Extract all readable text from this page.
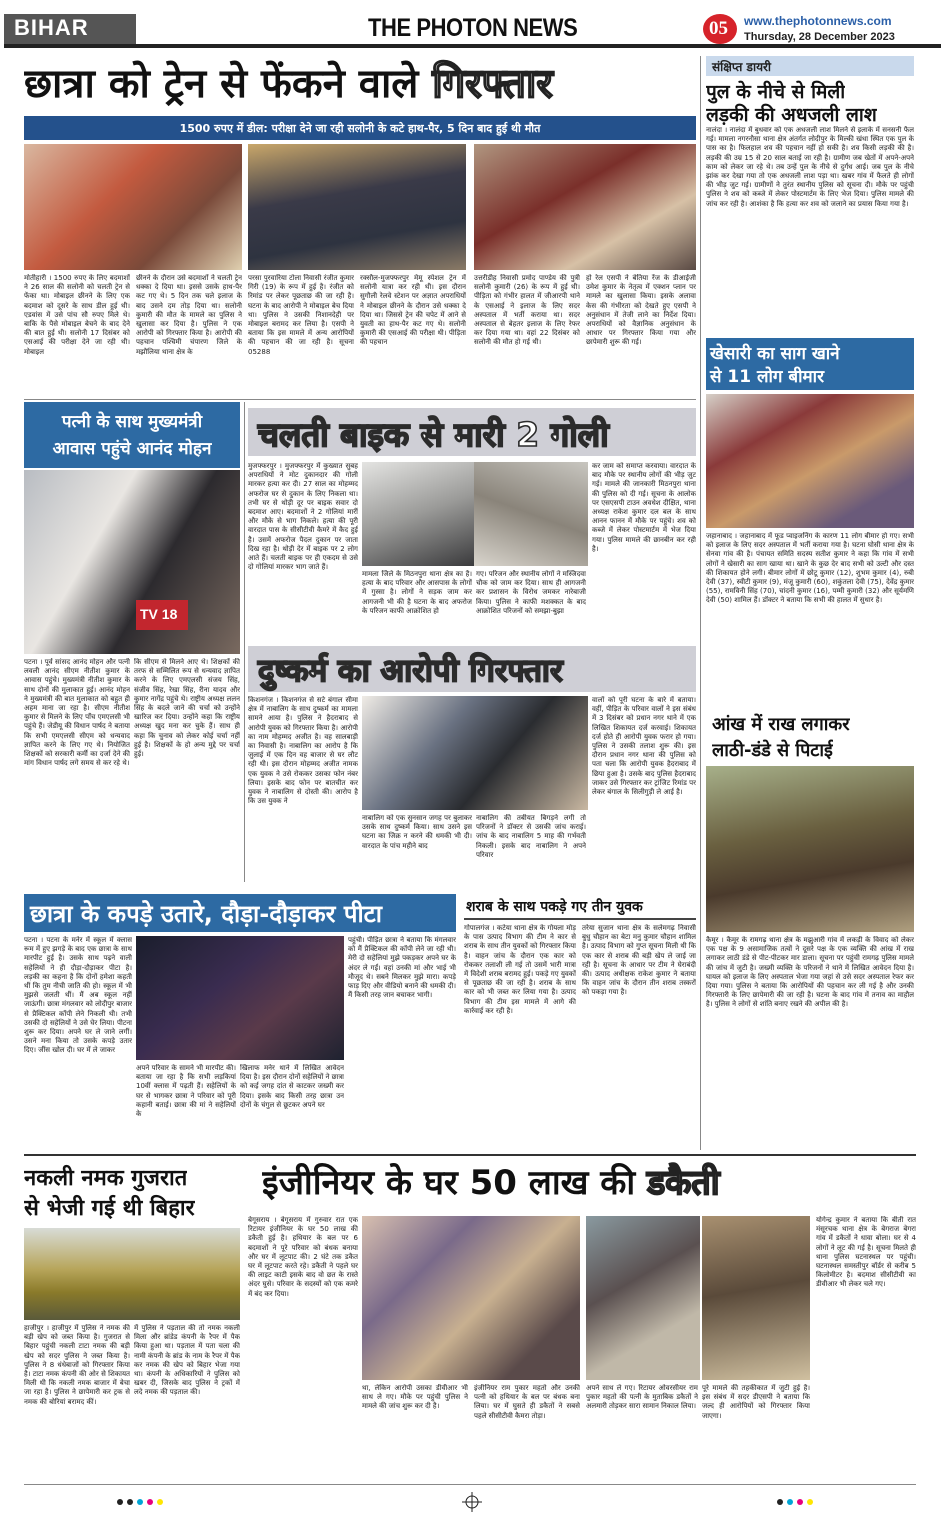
BIHAR	THE PHOTON NEWS	05 www.thephotonnews.com
Thursday, 28 December 2023
छात्रा को ट्रेन से फेंकने वाले गिरफ्तार
1500 रुपए में डील: परीक्षा देने जा रही सलोनी के कटे हाथ-पैर, 5 दिन बाद हुई थी मौत
मोतीहारी । 1500 रुपए के लिए बदमाशों ने 26 साल की सलोनी को चलती ट्रेन से फेंका था। मोबाइल छीनने के लिए एक बदमाश को दूसरे के साथ डील हुई थी। एडवांस में उसे पांच सौ रुपए मिले थे। बाकि के पैसे मोबाइल बेचने के बाद देने की बात हुई थी। सलोनी 17 दिसंबर को एसआई की परीक्षा देने जा रही थी। मोबाइल
छीनने के दौरान उसे बदमाशों ने चलती ट्रेन धक्का दे दिया था। इससे उसके हाथ-पैर कट गए थे। 5 दिन तक चले इलाज के बाद उसने दम तोड़ दिया था। सलोनी कुमारी की मौत के मामले का पुलिस ने खुलासा कर दिया है। पुलिस ने एक आरोपी को गिरफ्तार किया है। आरोपी की पहचान पश्चिमी चंपारण जिले के मझौलिया थाना क्षेत्र के
परसा पुरवारिया टोला निवासी रंजीत कुमार गिरी (19) के रूप में हुई है। रंजीत को रिमांड पर लेकर पूछताछ की जा रही है। घटना के बाद आरोपी ने मोबाइल बेच दिया था। पुलिस ने उसकी निशानदेही पर मोबाइल बरामद कर लिया है। एसपी ने बताया कि इस मामले में अन्य आरोपियों की पहचान की जा रही है। सूचना 05288
रक्सौल-मुजफ्फरपुर मेमू स्पेशल ट्रेन में सलोनी यात्रा कर रही थी। इस दौरान सुगौली रेलवे स्टेशन पर अज्ञात अपराधियों ने मोबाइल छीनने के दौरान उसे धक्का दे दिया था। जिससे ट्रेन की चपेट में आने से युवती का हाथ-पैर कट गए थे। सलोनी कुमारी की एसआई की परीक्षा थी। पीड़िता की पहचान
उत्तरीडीह निवासी प्रमोद पाण्डेय की पुत्री सलोनी कुमारी (26) के रूप में हुई थी। पीड़िता को गंभीर हालत में जीआरपी थाने के एसआई ने इलाज के लिए सदर अस्पताल में भर्ती कराया था। सदर अस्पताल से बेहतर इलाज के लिए रेफर कर दिया गया था। वहां 22 दिसंबर को सलोनी की मौत हो गई थी।
हो रेल एसपी ने बेतिया रेंज के डीआईजी उमेश कुमार के नेतृत्व में एक्शन प्लान पर मामले का खुलासा किया। इसके अलावा केस की गंभीरता को देखते हुए एसपी ने अनुसंधान में तेजी लाने का निर्देश दिया। अपराधियों को वैज्ञानिक अनुसंधान के आधार पर गिरफ्तार किया गया और छापेमारी शुरू की गई।
पत्नी के साथ मुख्यमंत्री
आवास पहुंचे आनंद मोहन
TV 18
पटना । पूर्व सांसद आनंद मोहन और पत्नी लवली आनंद सीएम नीतीश कुमार के आवास पहुंचे। मुख्यमंत्री नीतीश कुमार के साथ दोनों की मुलाकात हुई। आनंद मोहन ने मुख्यमंत्री की बात मुलाकात को बहुत ही अहम माना जा रहा है। सीएम नीतीश कुमार से मिलने के लिए पाँच एमएलसी भी पहुंचे हैं। जेडीयू की विधान पार्षद ने बताया कि सभी एमएलसी सीएम को धन्यवाद ज्ञापित करने के लिए गए थे। नियोजित शिक्षकों को सरकारी कर्मी का दर्जा देने की मांग विधान पार्षद लगे समय से कर रहे थे।
कि सीएम से मिलने आए थे। शिक्षकों की तरफ से सम्मिलित रूप से धन्यवाद ज्ञापित करने के लिए एमएलसी संजय सिंह, संजीव सिंह, रेखा सिंह, रीना यादव और कुमार नागेंद्र पहुंचे थे। राष्ट्रीय अध्यक्ष ललन सिंह के बदले जाने की चर्चा को उन्होंने खारिज कर दिया। उन्होंने कहा कि राष्ट्रीय अध्यक्ष खुद मना कर चुके हैं। साथ ही कहा कि चुनाव को लेकर कोई चर्चा नहीं हुई है। शिक्षकों के हो अन्य मुद्दे पर चर्चा हुई।
चलती बाइक से मारी 2 गोली
मुजफ्फरपुर । मुजफ्फरपुर में कुख्यात सुबह अपराधियों ने मोट दुकानदार की गोली मारकर हत्या कर दी। 27 साल का मोहम्मद अफरोज घर से दुकान के लिए निकला था। तभी घर से थोड़ी दूर पर बाइक सवार दो बदमाश आए। बदमाशों ने 2 गोलियां मारीं और मौके से भाग निकले। हत्या की पूरी वारदात पास के सीसीटीवी कैमरे में कैद हुई है। उसमें अफरोज पैदल दुकान पर जाता दिख रहा है। थोड़ी देर में बाइक पर 2 लोग आते हैं। चलती बाइक पर ही एकदम से उसे दो गोलियां मारकर भाग जाते हैं।
मामला जिले के मिठनपुरा थाना क्षेत्र का है। हत्या के बाद परिवार और आसपास के लोगों में गुस्सा है। लोगों ने सड़क जाम कर आगजनी भी की है घटना के बाद अफरोज के परिजन काफी आक्रोशित हो
गए। परिजन और स्थानीय लोगों ने मस्जिदवा चौक को जाम कर दिया। साथ ही आगजनी कर प्रशासन के विरोध जमकर नारेबाजी किया। पुलिस ने काफी मशक्कत के बाद आक्रोशित परिजनों को समझा-बुझा
कर जाम को समाप्त करवाया। वारदात के बाद मौके पर स्थानीय लोगों की भीड़ जुट गई। मामले की जानकारी मिठनपुरा थाना की पुलिस को दी गई। सूचना के आलोक पर एसएसपी टाउन अवधेश दीक्षित, थाना अध्यक्ष राकेश कुमार दल बल के साथ आनन फानन में मौके पर पहुंचे। शव को कब्जे में लेकर पोस्टमार्टम में भेज दिया गया। पुलिस मामले की छानबीन कर रही है।
दुष्कर्म का आरोपी गिरफ्तार
किशनगंज । किशनगंज से सटे बंगाल सीमा क्षेत्र में नाबालिग के साथ दुष्कर्म का मामला सामने आया है। पुलिस ने हैदराबाद से आरोपी युवक को गिरफ्तार किया है। आरोपी का नाम मोहम्मद अजीत है। वह सालबाड़ी का निवासी है। नाबालिग का आरोप है कि जुलाई में एक दिन वह बाजार से घर लौट रही थी। इस दौरान मोहम्मद अजीत नामक एक युवक ने उसे रोककर उसका फोन नंबर लिया। इसके बाद फोन पर बातचीत कर युवक ने नाबालिग से दोस्ती की। आरोप है कि उस युवक ने
नाबालिग को एक सुनसान जगह पर बुलाकर उसके साथ दुष्कर्म किया। साथ उसने इस घटना का जिक्र न करने की धमकी भी दी। वारदात के पांच महीने बाद
नाबालिग की तबीयत बिगड़ने लगी तो परिजनों ने डॉक्टर से उसकी जांच कराई। जांच के बाद नाबालिग 5 माह की गर्भवती निकली। इसके बाद नाबालिग ने अपने परिवार
वालों को पूरी घटना के बारे में बताया। वहीं, पीड़ित के परिवार वालों ने इस संबंध में 3 दिसंबर को प्रधान नगर थाने में एक लिखित शिकायत दर्ज करवाई। शिकायत दर्ज होते ही आरोपी युवक फरार हो गया। पुलिस ने उसकी तलाश शुरू की। इस दौरान प्रधान नगर थाना की पुलिस को पता चला कि आरोपी युवक हैदराबाद में छिपा हुआ है। उसके बाद पुलिस हैदराबाद जाकर उसे गिरफ्तार कर ट्रांजिट रिमांड पर लेकर बंगाल के सिलीगुड़ी ले आई है।
छात्रा के कपड़े उतारे, दौड़ा-दौड़ाकर पीटा
पटना । पटना के मनेर में स्कूल में क्लास रूम में हुए झगड़े के बाद एक छात्रा के साथ मारपीट हुई है। उसके साथ पढ़ने वाली सहेलियों ने ही दौड़ा-दौड़ाकर पीटा है। लड़की का कहना है कि दोनों हमेशा कहती थीं कि तुम नीची जाति की हो। स्कूल में भी मुझसे जलती थीं। मैं अब स्कूल नहीं जाऊंगी। छात्रा मंगलवार को लोदीपुर बाजार से प्रैक्टिकल कॉपी लेने निकली थी। तभी उसकी दो सहेलियों ने उसे घेर लिया। पीटना शुरू कर दिया। अपने घर ले जाने लगीं। उसने मना किया तो उसके कपड़े उतार दिए। जींस खोल दी। घर में ले जाकर
अपने परिवार के सामने भी मारपीट की। बताया जा रहा है कि सभी लड़कियां 10वीं क्लास में पढ़ती हैं। सहेलियों के घर से भागकर छात्रा ने परिवार को पूरी कहानी बताई। छात्रा की मां ने सहेलियों के
खिलाफ मनेर थाने में लिखित आवेदन दिया है। इस दौरान दोनों सहेलियों ने छात्रा को कई जगह दांत से काटकर जख्मी कर दिया। इसके बाद किसी तरह छात्रा उन दोनों के चंगुल से छूटकर अपने घर
पहुंची। पीड़ित छात्रा ने बताया कि मंगलवार को मैं प्रैक्टिकल की कॉपी लेने जा रही थी। मेरी दो सहेलियां मुझे पकड़कर अपने घर के अंदर ले गईं। वहां उनकी मां और भाई भी मौजूद थे। सबने मिलकर मुझे मारा। कपड़े फाड़ दिए और वीडियो बनाने की धमकी दी। मैं किसी तरह जान बचाकर भागी।
शराब के साथ पकड़े गए तीन युवक
गोपालगंज । कटेया थाना क्षेत्र के गोयला मोड़ के पास उत्पाद विभाग की टीम ने कार से शराब के साथ तीन युवकों को गिरफ्तार किया है। वाहन जांच के दौरान एक कार को रोककर तलाशी ली गई तो उसमें भारी मात्रा में विदेशी शराब बरामद हुई। पकड़े गए युवकों से पूछताछ की जा रही है। शराब के साथ कार को भी जब्त कर लिया गया है। उत्पाद विभाग की टीम इस मामले में आगे की कार्रवाई कर रही है।
तरेया सुजान थाना क्षेत्र के सलेमगढ़ निवासी बुधु चौहान का बेटा मनु कुमार चौहान शामिल है। उत्पाद विभाग को गुप्त सूचना मिली थी कि एक कार से शराब की बड़ी खेप ले जाई जा रही है। सूचना के आधार पर टीम ने घेराबंदी की। उत्पाद अधीक्षक राकेश कुमार ने बताया कि वाहन जांच के दौरान तीन शराब तस्करों को पकड़ा गया है।
संक्षिप्त डायरी
पुल के नीचे से मिली
लड़की की अधजली लाश
नालंदा । नालंदा में बुधवार को एक अधजली लाश मिलने से इलाके में सनसनी फैल गई। मामला नगरनौसा थाना क्षेत्र अंतर्गत लोदीपुर के मिल्की खंधा स्थित एक पुल के पास का है। फिलहाल शव की पहचान नहीं हो सकी है। शव किसी लड़की की है। लड़की की उम्र 15 से 20 साल बताई जा रही है। ग्रामीण जब खेतों में अपने-अपने काम को लेकर जा रहे थे। तब उन्हें पुल के नीचे से दुर्गंध आई। जब पुल के नीचे झांक कर देखा गया तो एक अधजली लाश पड़ा था। खबर गांव में फैलते ही लोगों की भीड़ जुट गई। ग्रामीणों ने तुरंत स्थानीय पुलिस को सूचना दी। मौके पर पहुंची पुलिस ने शव को कब्जे में लेकर पोस्टमार्टम के लिए भेज दिया। पुलिस मामले की जांच कर रही है। आशंका है कि हत्या कर शव को जलाने का प्रयास किया गया है।
खेसारी का साग खाने
से 11 लोग बीमार
जहानाबाद । जहानाबाद में फूड प्वाइजनिंग के कारण 11 लोग बीमार हो गए। सभी को इलाज के लिए सदर अस्पताल में भर्ती कराया गया है। घटना घोसी थाना क्षेत्र के सेनवा गांव की है। पंचायत समिति सदस्य सतीश कुमार ने कहा कि गांव में सभी लोगों ने खेसारी का साग खाया था। खाने के कुछ देर बाद सभी को उल्टी और दस्त की शिकायत होने लगी। बीमार लोगों में छोटू कुमार (12), शुभम कुमार (4), रुबी देवी (37), स्वीटी कुमार (9), मंजू कुमारी (60), शकुंतला देवी (75), देवेंद्र कुमार (55), रामविनी सिंह (70), चांदनी कुमार (16), पम्मी कुमारी (32) और सूर्यमणि देवी (50) शामिल हैं। डॉक्टर ने बताया कि सभी की हालत में सुधार है।
आंख में राख लगाकर
लाठी-डंडे से पिटाई
कैमूर । कैमूर के रामगढ़ थाना क्षेत्र के मझुआरी गांव में लकड़ी के विवाद को लेकर एक पक्ष के 9 असामाजिक तत्वों ने दूसरे पक्ष के एक व्यक्ति की आंख में राख लगाकर लाठी डंडे से पीट-पीटकर मार डाला। सूचना पर पहुंची रामगढ़ पुलिस मामले की जांच में जुटी है। जख्मी व्यक्ति के परिजनों ने थाने में लिखित आवेदन दिया है। घायल को इलाज के लिए अस्पताल भेजा गया जहां से उसे सदर अस्पताल रेफर कर दिया गया। पुलिस ने बताया कि आरोपियों की पहचान कर ली गई है और उनकी गिरफ्तारी के लिए छापेमारी की जा रही है। घटना के बाद गांव में तनाव का माहौल है। पुलिस ने लोगों से शांति बनाए रखने की अपील की है।
नकली नमक गुजरात
से भेजी गई थी बिहार
हाजीपुर । हाजीपुर में पुलिस ने नमक की बड़ी खेप को जब्त किया है। गुजरात से बिहार पहुंची नकली टाटा नमक की बड़ी खेप को सदर पुलिस ने जब्त किया है। पुलिस ने 8 धंधेबाजों को गिरफ्तार किया है। टाटा नमक कंपनी की ओर से शिकायत मिली थी कि नकली नमक बाजार में बेचा जा रहा है। पुलिस ने छापेमारी कर ट्रक से नमक की बोरियां बरामद कीं।
में पुलिस ने पड़ताल की तो नमक नकली मिला और ब्रांडेड कंपनी के रैपर में पैक किया हुआ था। पड़ताल में पता चला की नामी कंपनी के ब्रांड के नाम के रैपर में पैक कर नमक की खेप को बिहार भेजा गया था। कंपनी के अधिकारियों ने पुलिस को खबर दी, जिसके बाद पुलिस ने ट्रकों में लदे नमक की पड़ताल की।
इंजीनियर के घर 50 लाख की डकैती
बेगूसराय । बेगूसराय में गुरुवार रात एक रिटायर इंजीनियर के घर 50 लाख की डकैती हुई है। हथियार के बल पर 6 बदमाशों ने पूरे परिवार को बंधक बनाया और घर में लूटपाट की। 2 घंटे तक डकैत घर में लूटपाट करते रहे। डकैती ने पहले घर की लाइट काटी इसके बाद वो छत के रास्ते अंदर घुसे। परिवार के सदस्यों को एक कमरे में बंद कर दिया।
था, लेकिन आरोपी उसका डीवीआर भी साथ ले गए। मौके पर पहुंची पुलिस ने मामले की जांच शुरू कर दी है।
इंजीनियर राम पुकार महतो और उनकी पत्नी को हथियार के बल पर बंधक बना लिया। घर में घुसते ही डकैतों ने सबसे पहले सीसीटीवी कैमरा तोड़ा।
अपने साथ ले गए। रिटायर ओवरसीयर राम पुकार महतो की पत्नी के मुताबिक डकैतों ने अलमारी तोड़कर सारा सामान निकाल लिया।
पूरे मामले की तहकीकात में जुटी हुई है। इस संबंध में सदर डीएसपी ने बताया कि जल्द ही आरोपियों को गिरफ्तार किया जाएगा।
योगेन्द्र कुमार ने बताया कि बीती रात मंसूरचक थाना क्षेत्र के बेगराज बेगरा गांव में डकैतों ने धावा बोला। घर से 4 लोगों ने लूट की गई है। सूचना मिलते ही थाना पुलिस घटनास्थल पर पहुंची। घटनास्थल समस्तीपुर बॉर्डर से करीब 5 किलोमीटर है। बदमाश सीसीटीवी का डीवीआर भी लेकर चले गए।
